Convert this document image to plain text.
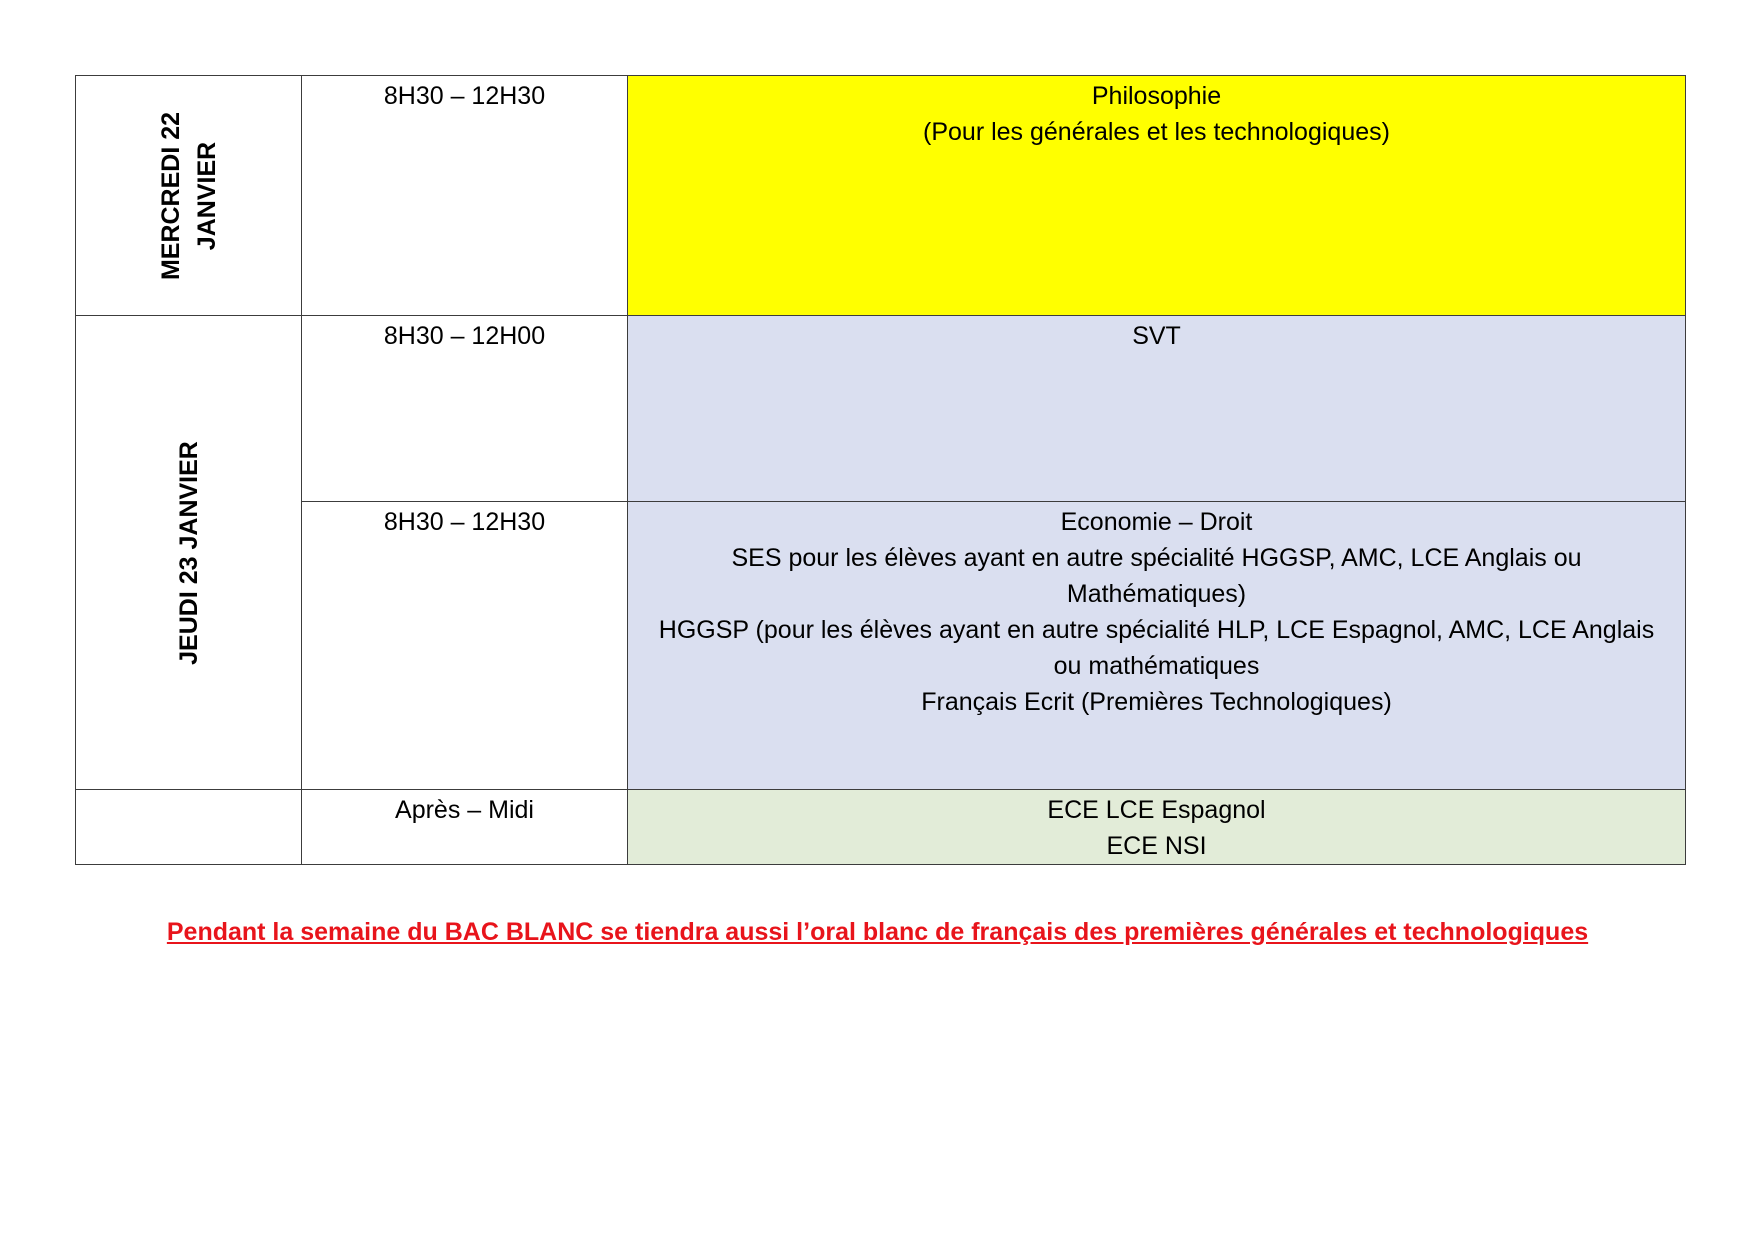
MERCREDI 22 JANVIER	8H30 – 12H30	Philosophie
(Pour les générales et les technologiques)

JEUDI 23 JANVIER	8H30 – 12H00	SVT

	8H30 – 12H30	Economie – Droit
SES pour les élèves ayant en autre spécialité HGGSP, AMC, LCE Anglais ou Mathématiques)
HGGSP (pour les élèves ayant en autre spécialité HLP, LCE Espagnol, AMC, LCE Anglais ou mathématiques
Français Ecrit (Premières Technologiques)

	Après – Midi	ECE LCE Espagnol
ECE NSI
Pendant la semaine du BAC BLANC se tiendra aussi l’oral blanc de français des premières générales et technologiques
